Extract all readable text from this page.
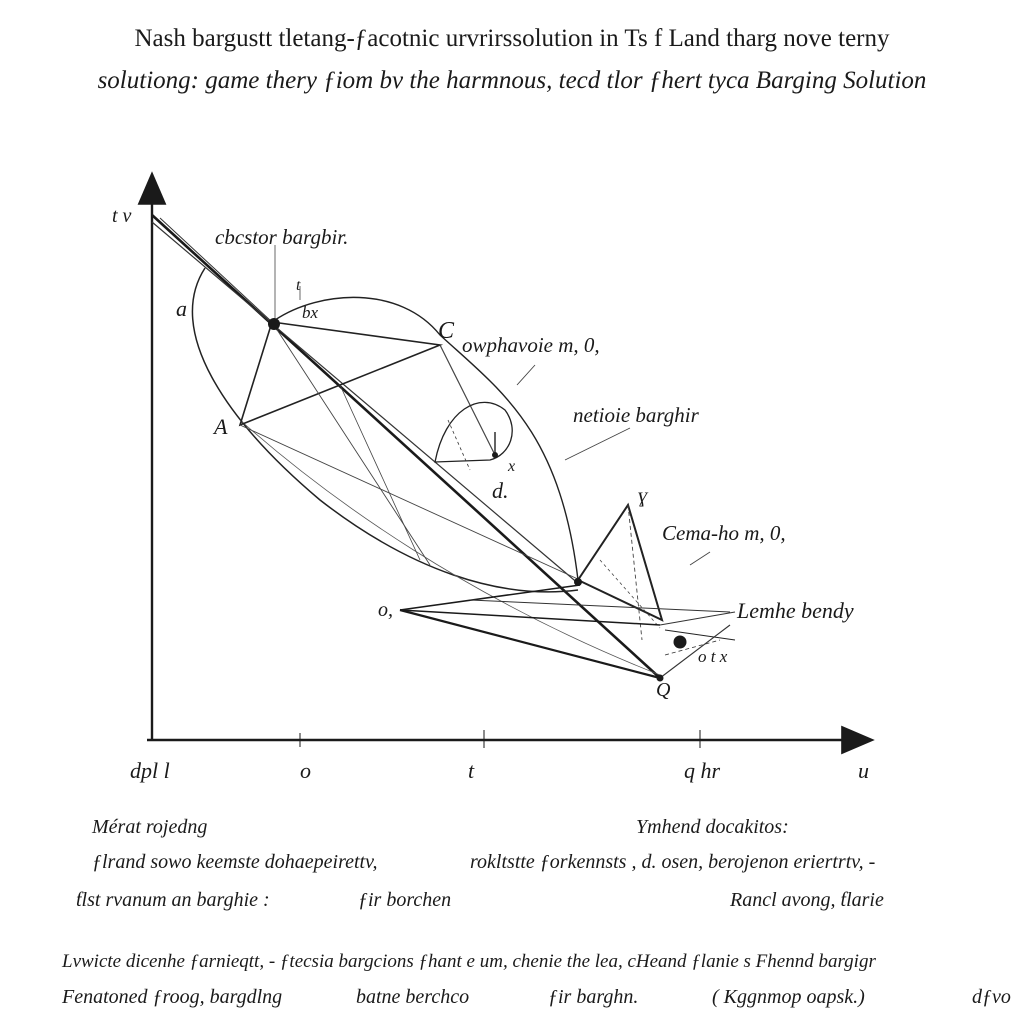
Nash bargustt tletang-ƒacotnic urvrirssolution in Ts f Land tharg nove terny
solutiong: game thery ƒiom bv the harmnous, tecd tlor ƒhert tyca Barging Solution
t v
dpl l	o	t	q hr	u
cbcstor bargbir.
t
bx
a
A
C
owphavoie m, 0,
netioie barghir
d.
x
ɣ
Cema-ho m, 0,
o,	Lemhe bendy
o t x
Q
Mérat rojedng	Ymhend docakitos:
ƒlrand sowo keemste dohaepeirettv,	rokltstte ƒorkennsts , d. osen, berojenon eriertrtv, -
ƭlst rvanum an barghie :	ƒir borchen	Rancl avong, ƭlarie
Lvwicte dicenhe ƒarnieqtt, - ƒtecsia bargcions ƒhant e um, chenie the lea, cHeand ƒlanie s Fhennd bargigr
Fenatoned ƒroog, bargdlng	batne berchco	ƒir barghn.	( Kggnmop oapsk.)	dƒvo
